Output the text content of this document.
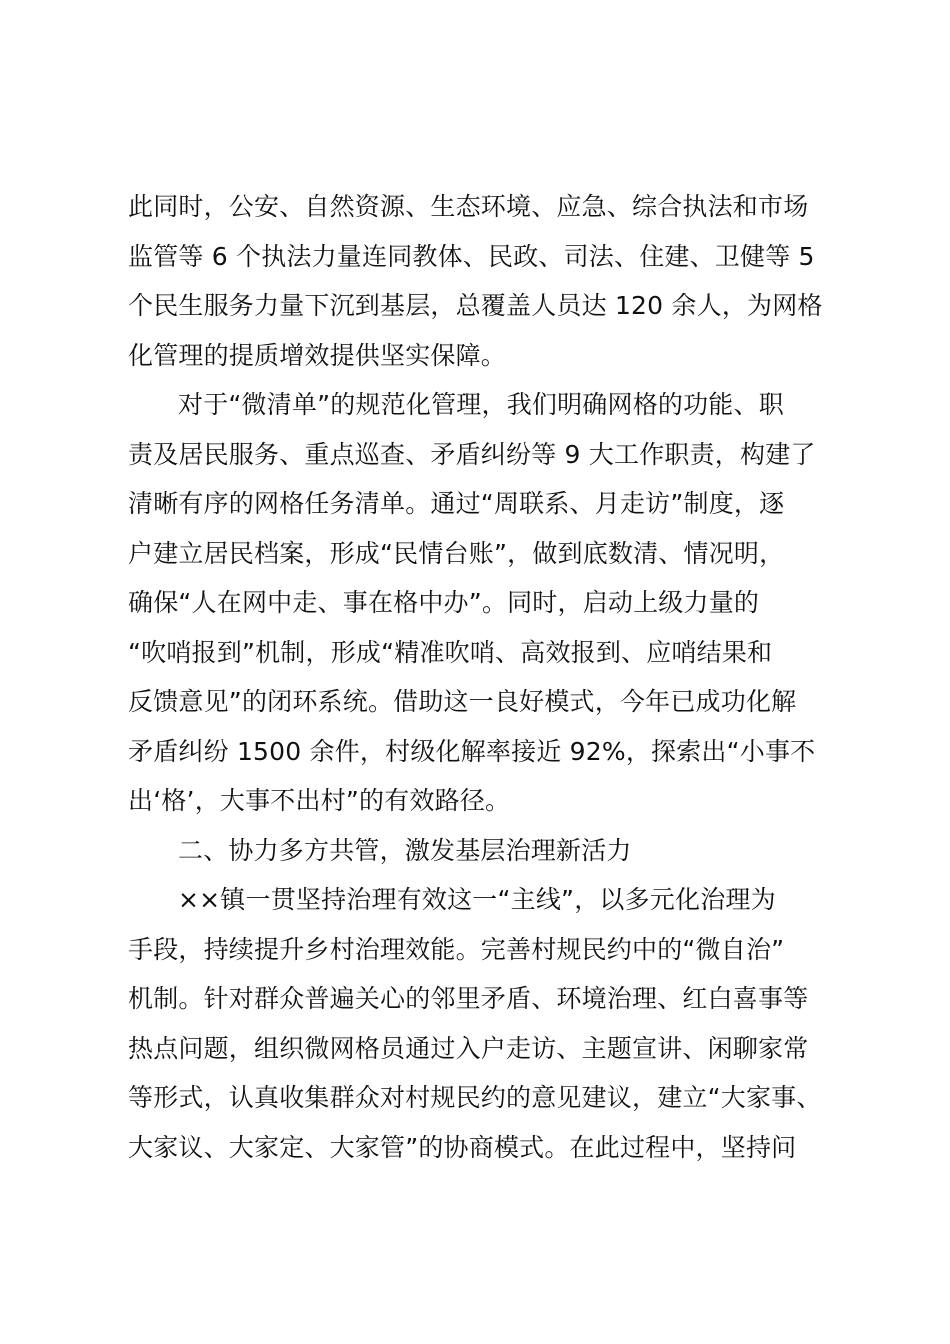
此同时，公安、自然资源、生态环境、应急、综合执法和市场
监管等 6 个执法力量连同教体、民政、司法、住建、卫健等 5
个民生服务力量下沉到基层，总覆盖人员达 120 余人，为网格
化管理的提质增效提供坚实保障。
对于“微清单”的规范化管理，我们明确网格的功能、职
责及居民服务、重点巡查、矛盾纠纷等 9 大工作职责，构建了
清晰有序的网格任务清单。通过“周联系、月走访”制度，逐
户建立居民档案，形成“民情台账”，做到底数清、情况明，
确保“人在网中走、事在格中办”。同时，启动上级力量的
“吹哨报到”机制，形成“精准吹哨、高效报到、应哨结果和
反馈意见”的闭环系统。借助这一良好模式，今年已成功化解
矛盾纠纷 1500 余件，村级化解率接近 92%，探索出“小事不
出‘格’，大事不出村”的有效路径。
二、协力多方共管，激发基层治理新活力
××镇一贯坚持治理有效这一“主线”，以多元化治理为
手段，持续提升乡村治理效能。完善村规民约中的“微自治”
机制。针对群众普遍关心的邻里矛盾、环境治理、红白喜事等
热点问题，组织微网格员通过入户走访、主题宣讲、闲聊家常
等形式，认真收集群众对村规民约的意见建议，建立“大家事、
大家议、大家定、大家管”的协商模式。在此过程中，坚持问
